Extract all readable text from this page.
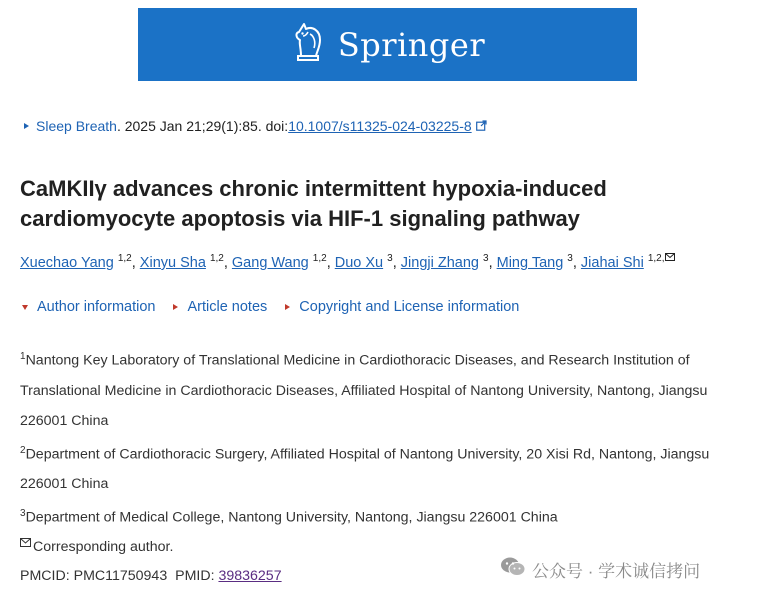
Springer
Sleep Breath . 2025 Jan 21;29(1):85. doi: 10.1007/s11325-024-03225-8
CaMKIIγ advances chronic intermittent hypoxia-induced cardiomyocyte apoptosis via HIF-1 signaling pathway
Xuechao Yang $^{1,2}$, Xinyu Sha $^{1,2}$, Gang Wang $^{1,2}$, Duo Xu $^3$, Jingji Zhang $^3$, Ming Tang $^3$, Jiahai Shi $^{1,2,}$
Author information Article notes Copyright and License information

$^1$Nantong Key Laboratory of Translational Medicine in Cardiothoracic Diseases, and Research Institution of Translational Medicine in Cardiothoracic Diseases, Affiliated Hospital of Nantong University, Nantong, Jiangsu 226001 China

$^2$Department of Cardiothoracic Surgery, Affiliated Hospital of Nantong University, 20 Xisi Rd, Nantong, Jiangsu 226001 China

$^3$Department of Medical College, Nantong University, Nantong, Jiangsu 226001 China

Corresponding author.
PMCID: PMC11750943 PMID: 39836257	公众号 · 学术诚信拷问
